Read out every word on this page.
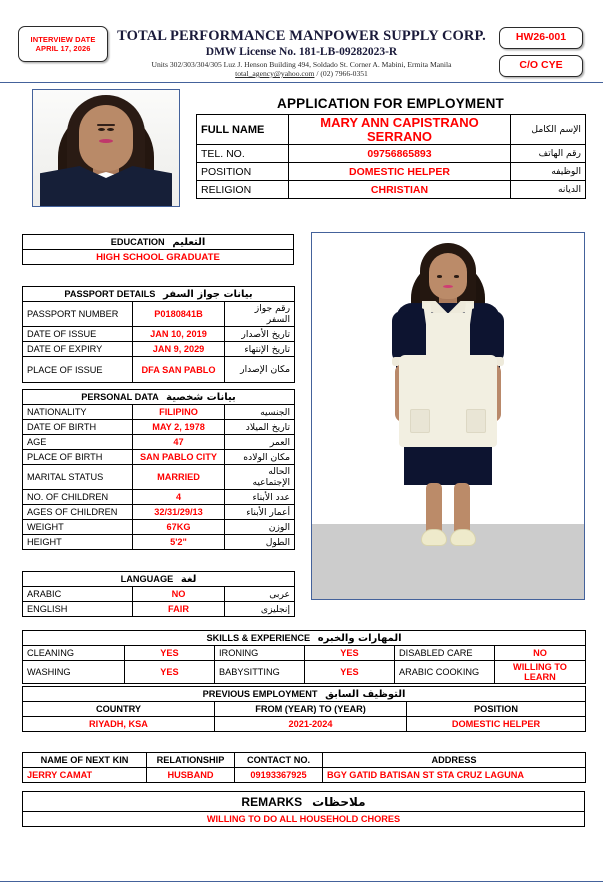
INTERVIEW DATE
APRIL 17, 2026
HW26-001
C/O CYE
TOTAL PERFORMANCE MANPOWER SUPPLY CORP.
DMW License No. 181-LB-09282023-R
Units 302/303/304/305 Luz J. Henson Building 494, Soldado St. Corner A. Mabini, Ermita Manila
total_agency@yahoo.com / (02) 7966-0351
APPLICATION FOR EMPLOYMENT
FULL NAME	MARY ANN CAPISTRANO SERRANO	الإسم الكامل
TEL. NO.	09756865893	رقم الهاتف
POSITION	DOMESTIC HELPER	الوظيفه
RELIGION	CHRISTIAN	الديانه
EDUCATION التعليم
HIGH SCHOOL GRADUATE
PASSPORT DETAILS بيانات جواز السفر		
PASSPORT NUMBER	P0180841B	رقم جواز السفر
DATE OF ISSUE	JAN 10, 2019	تاريخ الأصدار
DATE OF EXPIRY	JAN 9, 2029	تاريخ الإنتهاء
PLACE OF ISSUE	DFA SAN PABLO	مكان الإصدار
PERSONAL DATA بيانات شخصية		
NATIONALITY	FILIPINO	الجنسيه
DATE OF BIRTH	MAY 2, 1978	تاريخ الميلاد
AGE	47	العمر
PLACE OF BIRTH	SAN PABLO CITY	مكان الولاده
MARITAL STATUS	MARRIED	الحاله الإجتماعيه
NO. OF CHILDREN	4	عدد الأبناء
AGES OF CHILDREN	32/31/29/13	أعمار الأبناء
WEIGHT	67KG	الوزن
HEIGHT	5'2"	الطول
LANGUAGE لغة		
ARABIC	NO	عربى
ENGLISH	FAIR	إنجليزى
SKILLS & EXPERIENCE المهارات والخبره					
CLEANING	YES	IRONING	YES	DISABLED CARE	NO
WASHING	YES	BABYSITTING	YES	ARABIC COOKING	WILLING TO LEARN
PREVIOUS EMPLOYMENT التوظيف السابق		
COUNTRY	FROM (YEAR) TO (YEAR)	POSITION
RIYADH, KSA	2021-2024	DOMESTIC HELPER
NAME OF NEXT KIN	RELATIONSHIP	CONTACT NO.	ADDRESS
JERRY CAMAT	HUSBAND	09193367925	BGY GATID BATISAN ST STA CRUZ LAGUNA
REMARKS ملاحظات
WILLING TO DO ALL HOUSEHOLD CHORES
